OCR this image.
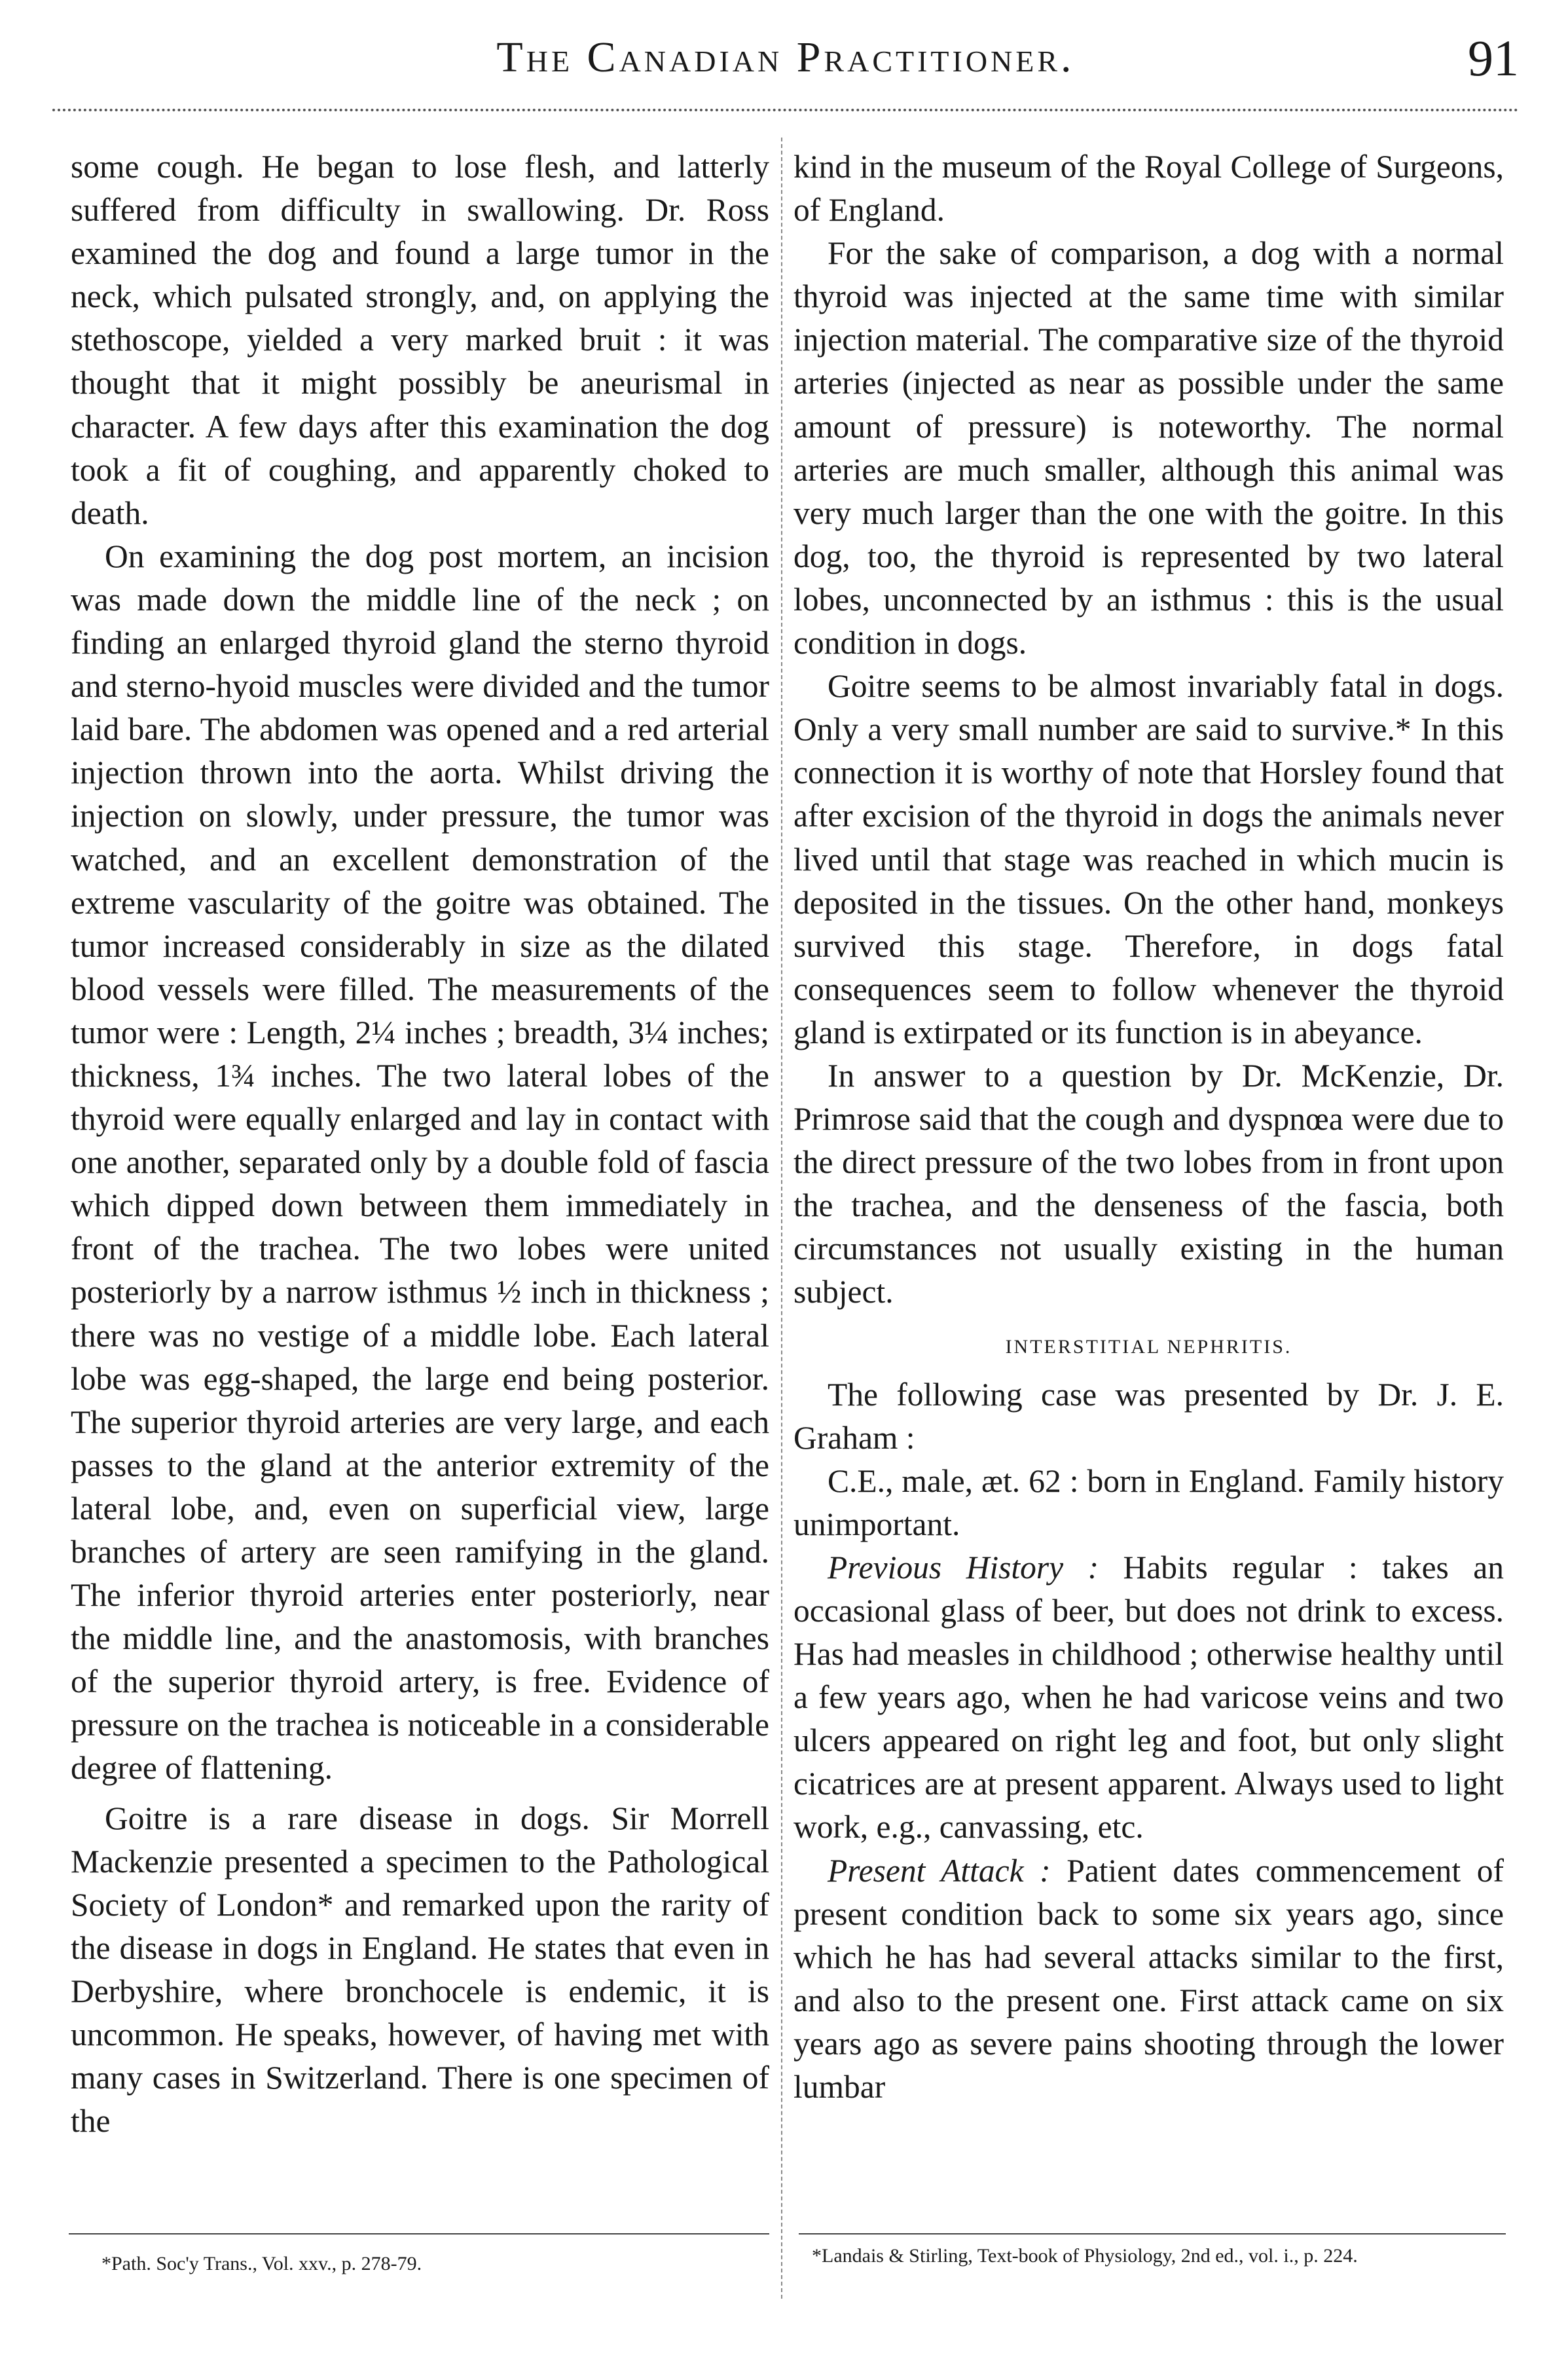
The Canadian Practitioner.	91

some cough. He began to lose flesh, and latterly suffered from difficulty in swallowing. Dr. Ross examined the dog and found a large tumor in the neck, which pulsated strongly, and, on applying the stethoscope, yielded a very marked bruit : it was thought that it might possibly be aneurismal in character. A few days after this examination the dog took a fit of coughing, and apparently choked to death.

On examining the dog post mortem, an incision was made down the middle line of the neck ; on finding an enlarged thyroid gland the sterno thyroid and sterno-hyoid muscles were divided and the tumor laid bare. The abdomen was opened and a red arterial injection thrown into the aorta. Whilst driving the injection on slowly, under pressure, the tumor was watched, and an excellent demonstration of the extreme vascularity of the goitre was obtained. The tumor increased considerably in size as the dilated blood vessels were filled. The measurements of the tumor were : Length, 2¼ inches ; breadth, 3¼ inches; thickness, 1¾ inches. The two lateral lobes of the thyroid were equally enlarged and lay in contact with one another, separated only by a double fold of fascia which dipped down between them immediately in front of the trachea. The two lobes were united posteriorly by a narrow isthmus ½ inch in thickness ; there was no vestige of a middle lobe. Each lateral lobe was egg-shaped, the large end being posterior. The superior thyroid arteries are very large, and each passes to the gland at the anterior extremity of the lateral lobe, and, even on superficial view, large branches of artery are seen ramifying in the gland. The inferior thyroid arteries enter posteriorly, near the middle line, and the anastomosis, with branches of the superior thyroid artery, is free. Evidence of pressure on the trachea is noticeable in a considerable degree of flattening.

Goitre is a rare disease in dogs. Sir Morrell Mackenzie presented a specimen to the Pathological Society of London* and remarked upon the rarity of the disease in dogs in England. He states that even in Derbyshire, where bronchocele is endemic, it is uncommon. He speaks, however, of having met with many cases in Switzerland. There is one specimen of the

kind in the museum of the Royal College of Surgeons, of England.

For the sake of comparison, a dog with a normal thyroid was injected at the same time with similar injection material. The comparative size of the thyroid arteries (injected as near as possible under the same amount of pressure) is noteworthy. The normal arteries are much smaller, although this animal was very much larger than the one with the goitre. In this dog, too, the thyroid is represented by two lateral lobes, unconnected by an isthmus : this is the usual condition in dogs.

Goitre seems to be almost invariably fatal in dogs. Only a very small number are said to survive.* In this connection it is worthy of note that Horsley found that after excision of the thyroid in dogs the animals never lived until that stage was reached in which mucin is deposited in the tissues. On the other hand, monkeys survived this stage. Therefore, in dogs fatal consequences seem to follow whenever the thyroid gland is extirpated or its function is in abeyance.

In answer to a question by Dr. McKenzie, Dr. Primrose said that the cough and dyspnœa were due to the direct pressure of the two lobes from in front upon the trachea, and the denseness of the fascia, both circumstances not usually existing in the human subject.

INTERSTITIAL NEPHRITIS.

The following case was presented by Dr. J. E. Graham :

C.E., male, æt. 62 : born in England. Family history unimportant.

Previous History : Habits regular : takes an occasional glass of beer, but does not drink to excess. Has had measles in childhood ; otherwise healthy until a few years ago, when he had varicose veins and two ulcers appeared on right leg and foot, but only slight cicatrices are at present apparent. Always used to light work, e.g., canvassing, etc.

Present Attack : Patient dates commencement of present condition back to some six years ago, since which he has had several attacks similar to the first, and also to the present one. First attack came on six years ago as severe pains shooting through the lower lumbar

*Path. Soc'y Trans., Vol. xxv., p. 278-79.	*Landais & Stirling, Text-book of Physiology, 2nd ed., vol. i., p. 224.
